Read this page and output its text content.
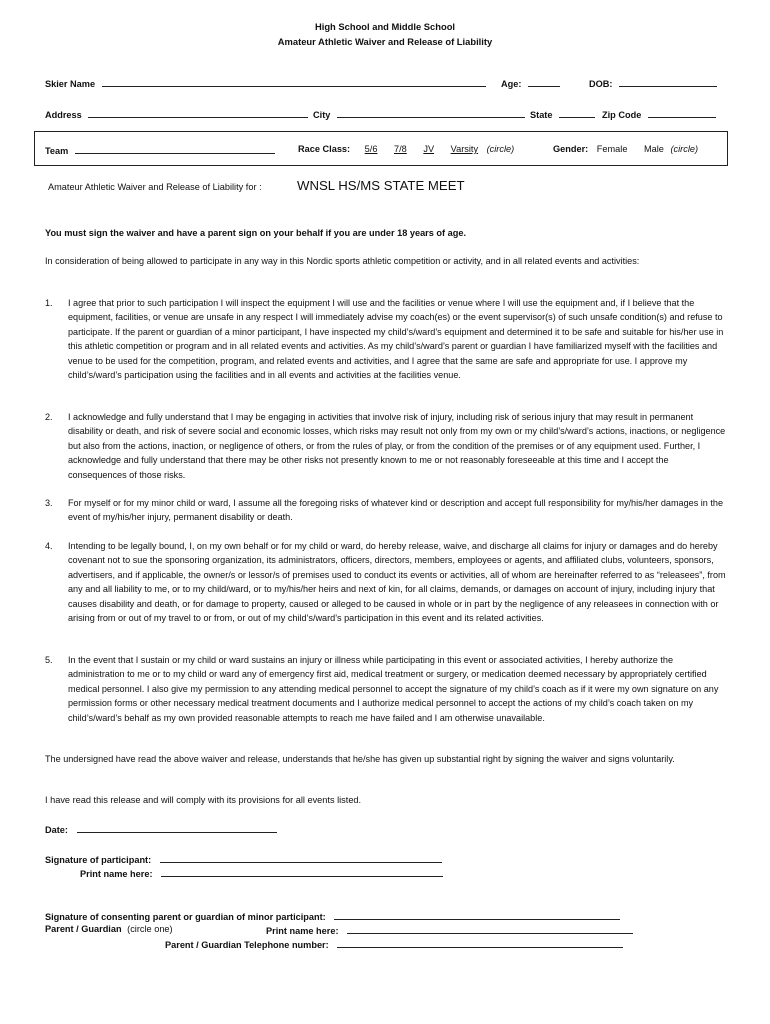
High School and Middle School
Amateur Athletic Waiver and Release of Liability
Skier Name	Age:	DOB:
Address	City	State	Zip Code
Team	Race Class: 5/6 7/8 JV Varsity (circle)	Gender: Female Male (circle)
Amateur Athletic Waiver and Release of Liability for :	WNSL HS/MS STATE MEET
You must sign the waiver and have a parent sign on your behalf if you are under 18 years of age.
In consideration of being allowed to participate in any way in this Nordic sports athletic competition or activity, and in all related events and activities:
1. I agree that prior to such participation I will inspect the equipment I will use and the facilities or venue where I will use the equipment and, if I believe that the equipment, facilities, or venue are unsafe in any respect I will immediately advise my coach(es) or the event supervisor(s) of such unsafe condition(s) and refuse to participate. If the parent or guardian of a minor participant, I have inspected my child’s/ward’s equipment and determined it to be safe and suitable for his/her use in this athletic competition or program and in all related events and activities. As my child’s/ward’s parent or guardian I have familiarized myself with the facilities and venue to be used for the competition, program, and related events and activities, and I agree that the same are safe and appropriate for use. I approve my child’s/ward’s participation using the facilities and in all events and activities at the facilities venue.
2. I acknowledge and fully understand that I may be engaging in activities that involve risk of injury, including risk of serious injury that may result in permanent disability or death, and risk of severe social and economic losses, which risks may result not only from my own or my child’s/ward’s actions, inactions, or negligence but also from the actions, inaction, or negligence of others, or from the rules of play, or from the condition of the premises or of any equipment used. Further, I acknowledge and fully understand that there may be other risks not presently known to me or not reasonably foreseeable at this time and I accept the consequences of those risks.
3. For myself or for my minor child or ward, I assume all the foregoing risks of whatever kind or description and accept full responsibility for my/his/her damages in the event of my/his/her injury, permanent disability or death.
4. Intending to be legally bound, I, on my own behalf or for my child or ward, do hereby release, waive, and discharge all claims for injury or damages and do hereby covenant not to sue the sponsoring organization, its administrators, officers, directors, members, employees or agents, and affiliated clubs, volunteers, sponsors, advertisers, and if applicable, the owner/s or lessor/s of premises used to conduct its events or activities, all of whom are hereinafter referred to as “releasees”, from any and all liability to me, or to my child/ward, or to my/his/her heirs and next of kin, for all claims, demands, or damages on account of injury, including injury that causes disability and death, or for damage to property, caused or alleged to be caused in whole or in part by the negligence of any releasees in connection with or arising from or out of my travel to or from, or out of my child’s/ward’s participation in this event and its related activities.
5. In the event that I sustain or my child or ward sustains an injury or illness while participating in this event or associated activities, I hereby authorize the administration to me or to my child or ward any of emergency first aid, medical treatment or surgery, or medication deemed necessary by appropriately certified medical personnel. I also give my permission to any attending medical personnel to accept the signature of my child’s coach as if it were my own signature on any permission forms or other necessary medical treatment documents and I authorize medical personnel to accept the actions of my child’s coach taken on my child’s/ward’s behalf as my own provided reasonable attempts to reach me have failed and I am otherwise unavailable.
The undersigned have read the above waiver and release, understands that he/she has given up substantial right by signing the waiver and signs voluntarily.
I have read this release and will comply with its provisions for all events listed.
Date:
Signature of participant:
Print name here:
Signature of consenting parent or guardian of minor participant:
Parent / Guardian (circle one)	Print name here:
Parent / Guardian Telephone number:
